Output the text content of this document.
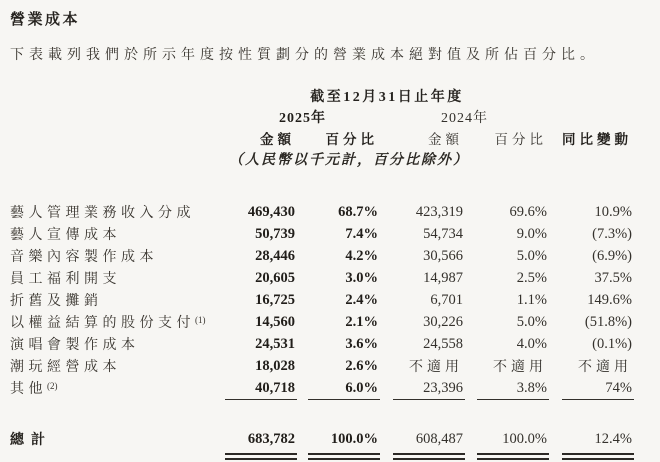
營業成本

下表載列我們於所示年度按性質劃分的營業成本絕對值及所佔百分比。

	截至12月31日止年度				
	2025年		2024年		
	金額	百分比	金額	百分比	同比變動
	（人民幣以千元計，百分比除外）				

藝人管理業務收入分成	469,430	68.7%	423,319	69.6%	10.9%
藝人宣傳成本	50,739	7.4%	54,734	9.0%	(7.3%)
音樂內容製作成本	28,446	4.2%	30,566	5.0%	(6.9%)
員工福利開支	20,605	3.0%	14,987	2.5%	37.5%
折舊及攤銷	16,725	2.4%	6,701	1.1%	149.6%
以權益結算的股份支付$^{(1)}$	14,560	2.1%	30,226	5.0%	(51.8%)
演唱會製作成本	24,531	3.6%	24,558	4.0%	(0.1%)
潮玩經營成本	18,028	2.6%	不適用	不適用	不適用
其他$^{(2)}$	40,718	6.0%	23,396	3.8%	74%

總計	683,782	100.0%	608,487	100.0%	12.4%
